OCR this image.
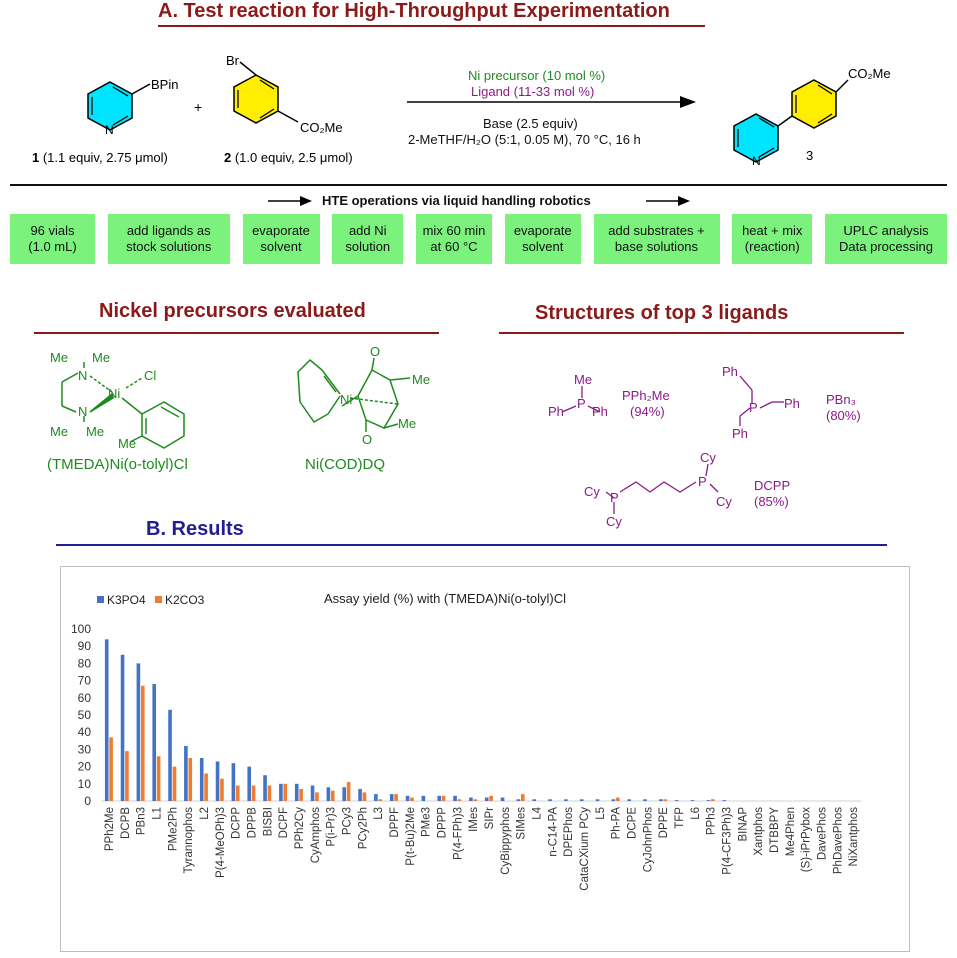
A. Test reaction for High-Throughput Experimentation
BPin
N
1 (1.1 equiv, 2.75 μmol)
+
Br
CO₂Me
2 (1.0 equiv, 2.5 μmol)
CO₂Me
N	3
Ni precursor (10 mol %)
Ligand (11-33 mol %)
Base (2.5 equiv)
2-MeTHF/H₂O (5:1, 0.05 M), 70 °C, 16 h
HTE operations via liquid handling robotics
96 vials
(1.0 mL)
add ligands as
stock solutions
evaporate
solvent
add Ni
solution
mix 60 min
at 60 °C
evaporate
solvent
add substrates +
base solutions
heat + mix
(reaction)
UPLC analysis
Data processing
Nickel precursors evaluated
Me Me
N
Ni
Cl
N
Me Me
Me
(TMEDA)Ni(o-tolyl)Cl
Ni
O
O
Me
Me
Ni(COD)DQ
Structures of top 3 ligands
Me
P
Ph Ph
PPh₂Me
(94%)
Ph
P Ph
Ph
PBn₃
(80%)
Cy P
Cy
P
Cy
Cy
DCPP
(85%)
B. Results
Assay yield (%) with (TMEDA)Ni(o-tolyl)Cl
K3PO4 K2CO3
0
10
20
30
40
50
60
70
80
90
100
PPh2Me DCPB PBn3 L1 PMe2Ph Tyrannophos L2 P(4-MeOPh)3 DCPP DPPB BISBI DCPF PPh2Cy CyAmphos P(i-Pr)3 PCy3 PCy2Ph L3 DPPF P(t-Bu)2Me PMe3 DPPP P(4-FPh)3 IMes SIPr CyBippyphos SIMes L4 n-C14-PA DPEPhos CataCXium PCy L5 Ph-PA DCPE CyJohnPhos DPPE TFP L6 PPh3 P(4-CF3Ph)3 BINAP Xantphos DTBBPY Me4Phen (S)-iPrPybox DavePhos PhDavePhos NiXantphos
